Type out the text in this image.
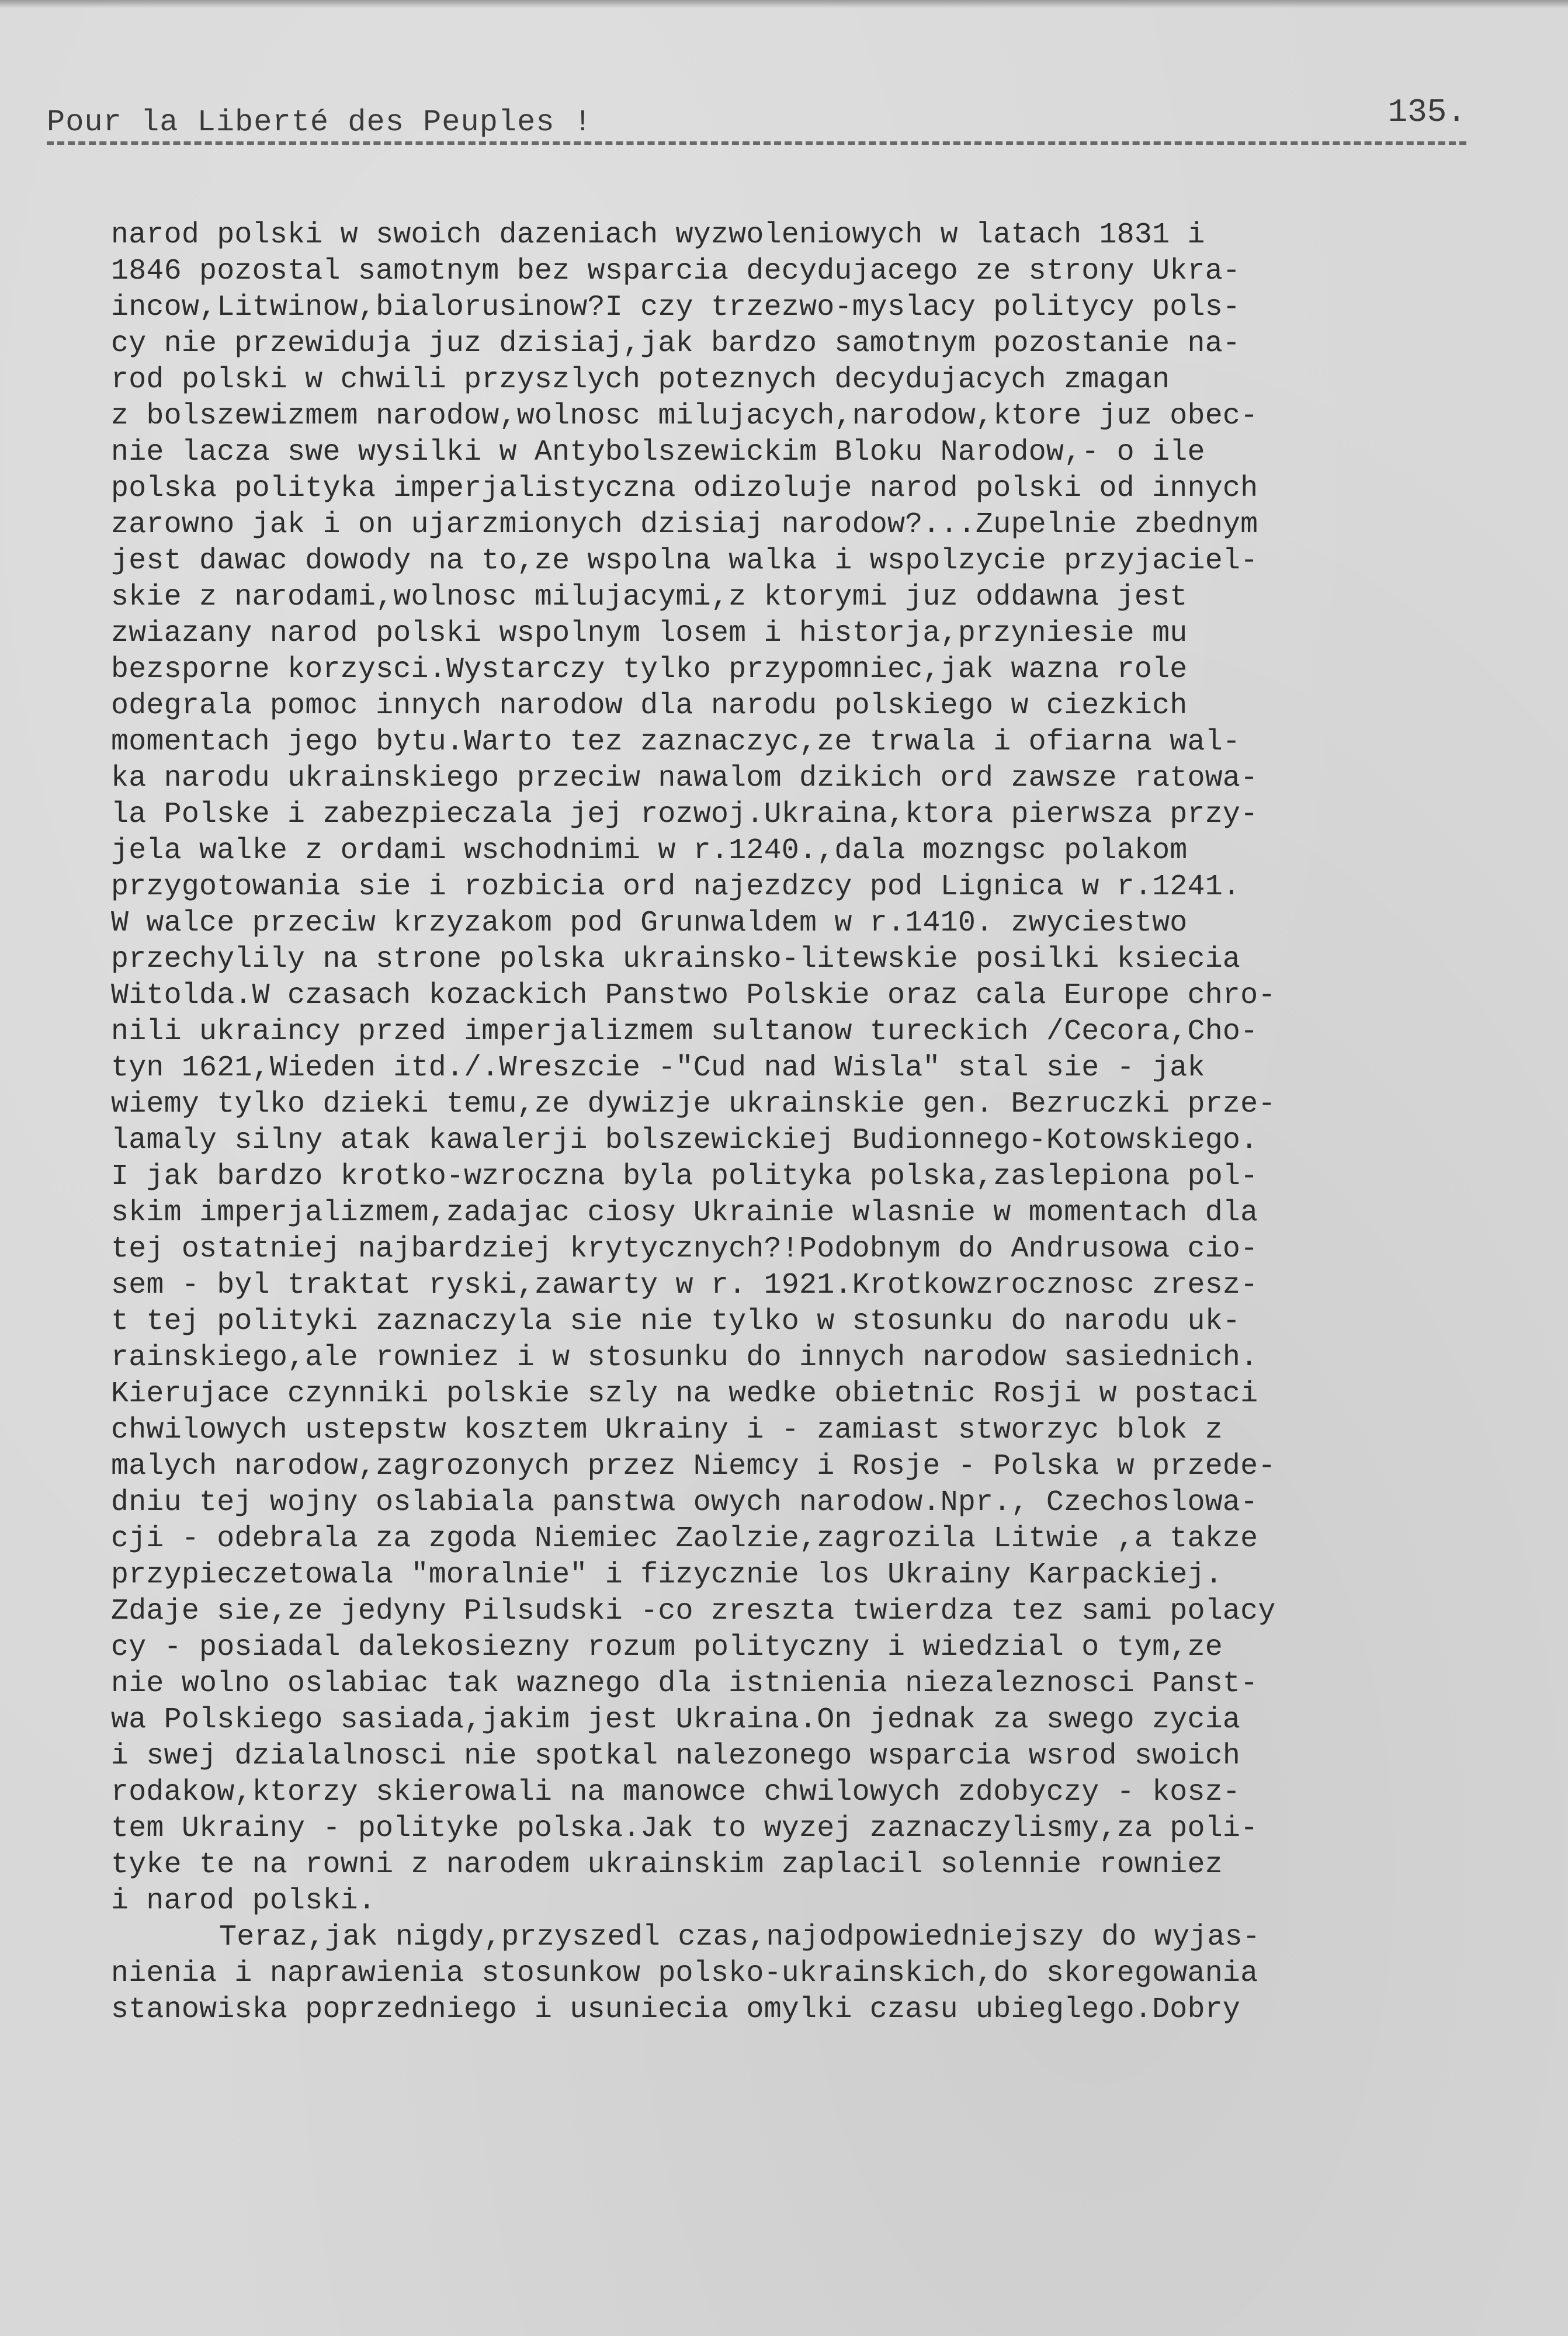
Pour la Liberté des Peuples !	135.
narod polski w swoich dazeniach wyzwoleniowych w latach 1831 i
1846 pozostal samotnym bez wsparcia decydujacego ze strony Ukra-
incow,Litwinow,bialorusinow?I czy trzezwo-myslacy politycy pols-
cy nie przewiduja juz dzisiaj,jak bardzo samotnym pozostanie na-
rod polski w chwili przyszlych poteznych decydujacych zmagan
z bolszewizmem narodow,wolnosc milujacych,narodow,ktore juz obec-
nie lacza swe wysilki w Antybolszewickim Bloku Narodow,- o ile
polska polityka imperjalistyczna odizoluje narod polski od innych
zarowno jak i on ujarzmionych dzisiaj narodow?...Zupelnie zbednym
jest dawac dowody na to,ze wspolna walka i wspolzycie przyjaciel-
skie z narodami,wolnosc milujacymi,z ktorymi juz oddawna jest
zwiazany narod polski wspolnym losem i historja,przyniesie mu
bezsporne korzysci.Wystarczy tylko przypomniec,jak wazna role
odegrala pomoc innych narodow dla narodu polskiego w ciezkich
momentach jego bytu.Warto tez zaznaczyc,ze trwala i ofiarna wal-
ka narodu ukrainskiego przeciw nawalom dzikich ord zawsze ratowa-
la Polske i zabezpieczala jej rozwoj.Ukraina,ktora pierwsza przy-
jela walke z ordami wschodnimi w r.1240.,dala mozngsc polakom
przygotowania sie i rozbicia ord najezdzcy pod Lignica w r.1241.
W walce przeciw krzyzakom pod Grunwaldem w r.1410. zwyciestwo
przechylily na strone polska ukrainsko-litewskie posilki ksiecia
Witolda.W czasach kozackich Panstwo Polskie oraz cala Europe chro-
nili ukraincy przed imperjalizmem sultanow tureckich /Cecora,Cho-
tyn 1621,Wieden itd./.Wreszcie -"Cud nad Wisla" stal sie - jak
wiemy tylko dzieki temu,ze dywizje ukrainskie gen. Bezruczki prze-
lamaly silny atak kawalerji bolszewickiej Budionnego-Kotowskiego.
I jak bardzo krotko-wzroczna byla polityka polska,zaslepiona pol-
skim imperjalizmem,zadajac ciosy Ukrainie wlasnie w momentach dla
tej ostatniej najbardziej krytycznych?!Podobnym do Andrusowa cio-
sem - byl traktat ryski,zawarty w r. 1921.Krotkowzrocznosc zresz-
t tej polityki zaznaczyla sie nie tylko w stosunku do narodu uk-
rainskiego,ale rowniez i w stosunku do innych narodow sasiednich.
Kierujace czynniki polskie szly na wedke obietnic Rosji w postaci
chwilowych ustepstw kosztem Ukrainy i - zamiast stworzyc blok z
malych narodow,zagrozonych przez Niemcy i Rosje - Polska w przede-
dniu tej wojny oslabiala panstwa owych narodow.Npr., Czechoslowa-
cji - odebrala za zgoda Niemiec Zaolzie,zagrozila Litwie ,a takze
przypieczetowala "moralnie" i fizycznie los Ukrainy Karpackiej.
Zdaje sie,ze jedyny Pilsudski -co zreszta twierdza tez sami polacy
cy - posiadal dalekosiezny rozum polityczny i wiedzial o tym,ze
nie wolno oslabiac tak waznego dla istnienia niezaleznosci Panst-
wa Polskiego sasiada,jakim jest Ukraina.On jednak za swego zycia
i swej dzialalnosci nie spotkal nalezonego wsparcia wsrod swoich
rodakow,ktorzy skierowali na manowce chwilowych zdobyczy - kosz-
tem Ukrainy - polityke polska.Jak to wyzej zaznaczylismy,za poli-
tyke te na rowni z narodem ukrainskim zaplacil solennie rowniez
i narod polski.
Teraz,jak nigdy,przyszedl czas,najodpowiedniejszy do wyjas-
nienia i naprawienia stosunkow polsko-ukrainskich,do skoregowania
stanowiska poprzedniego i usuniecia omylki czasu ubieglego.Dobry
